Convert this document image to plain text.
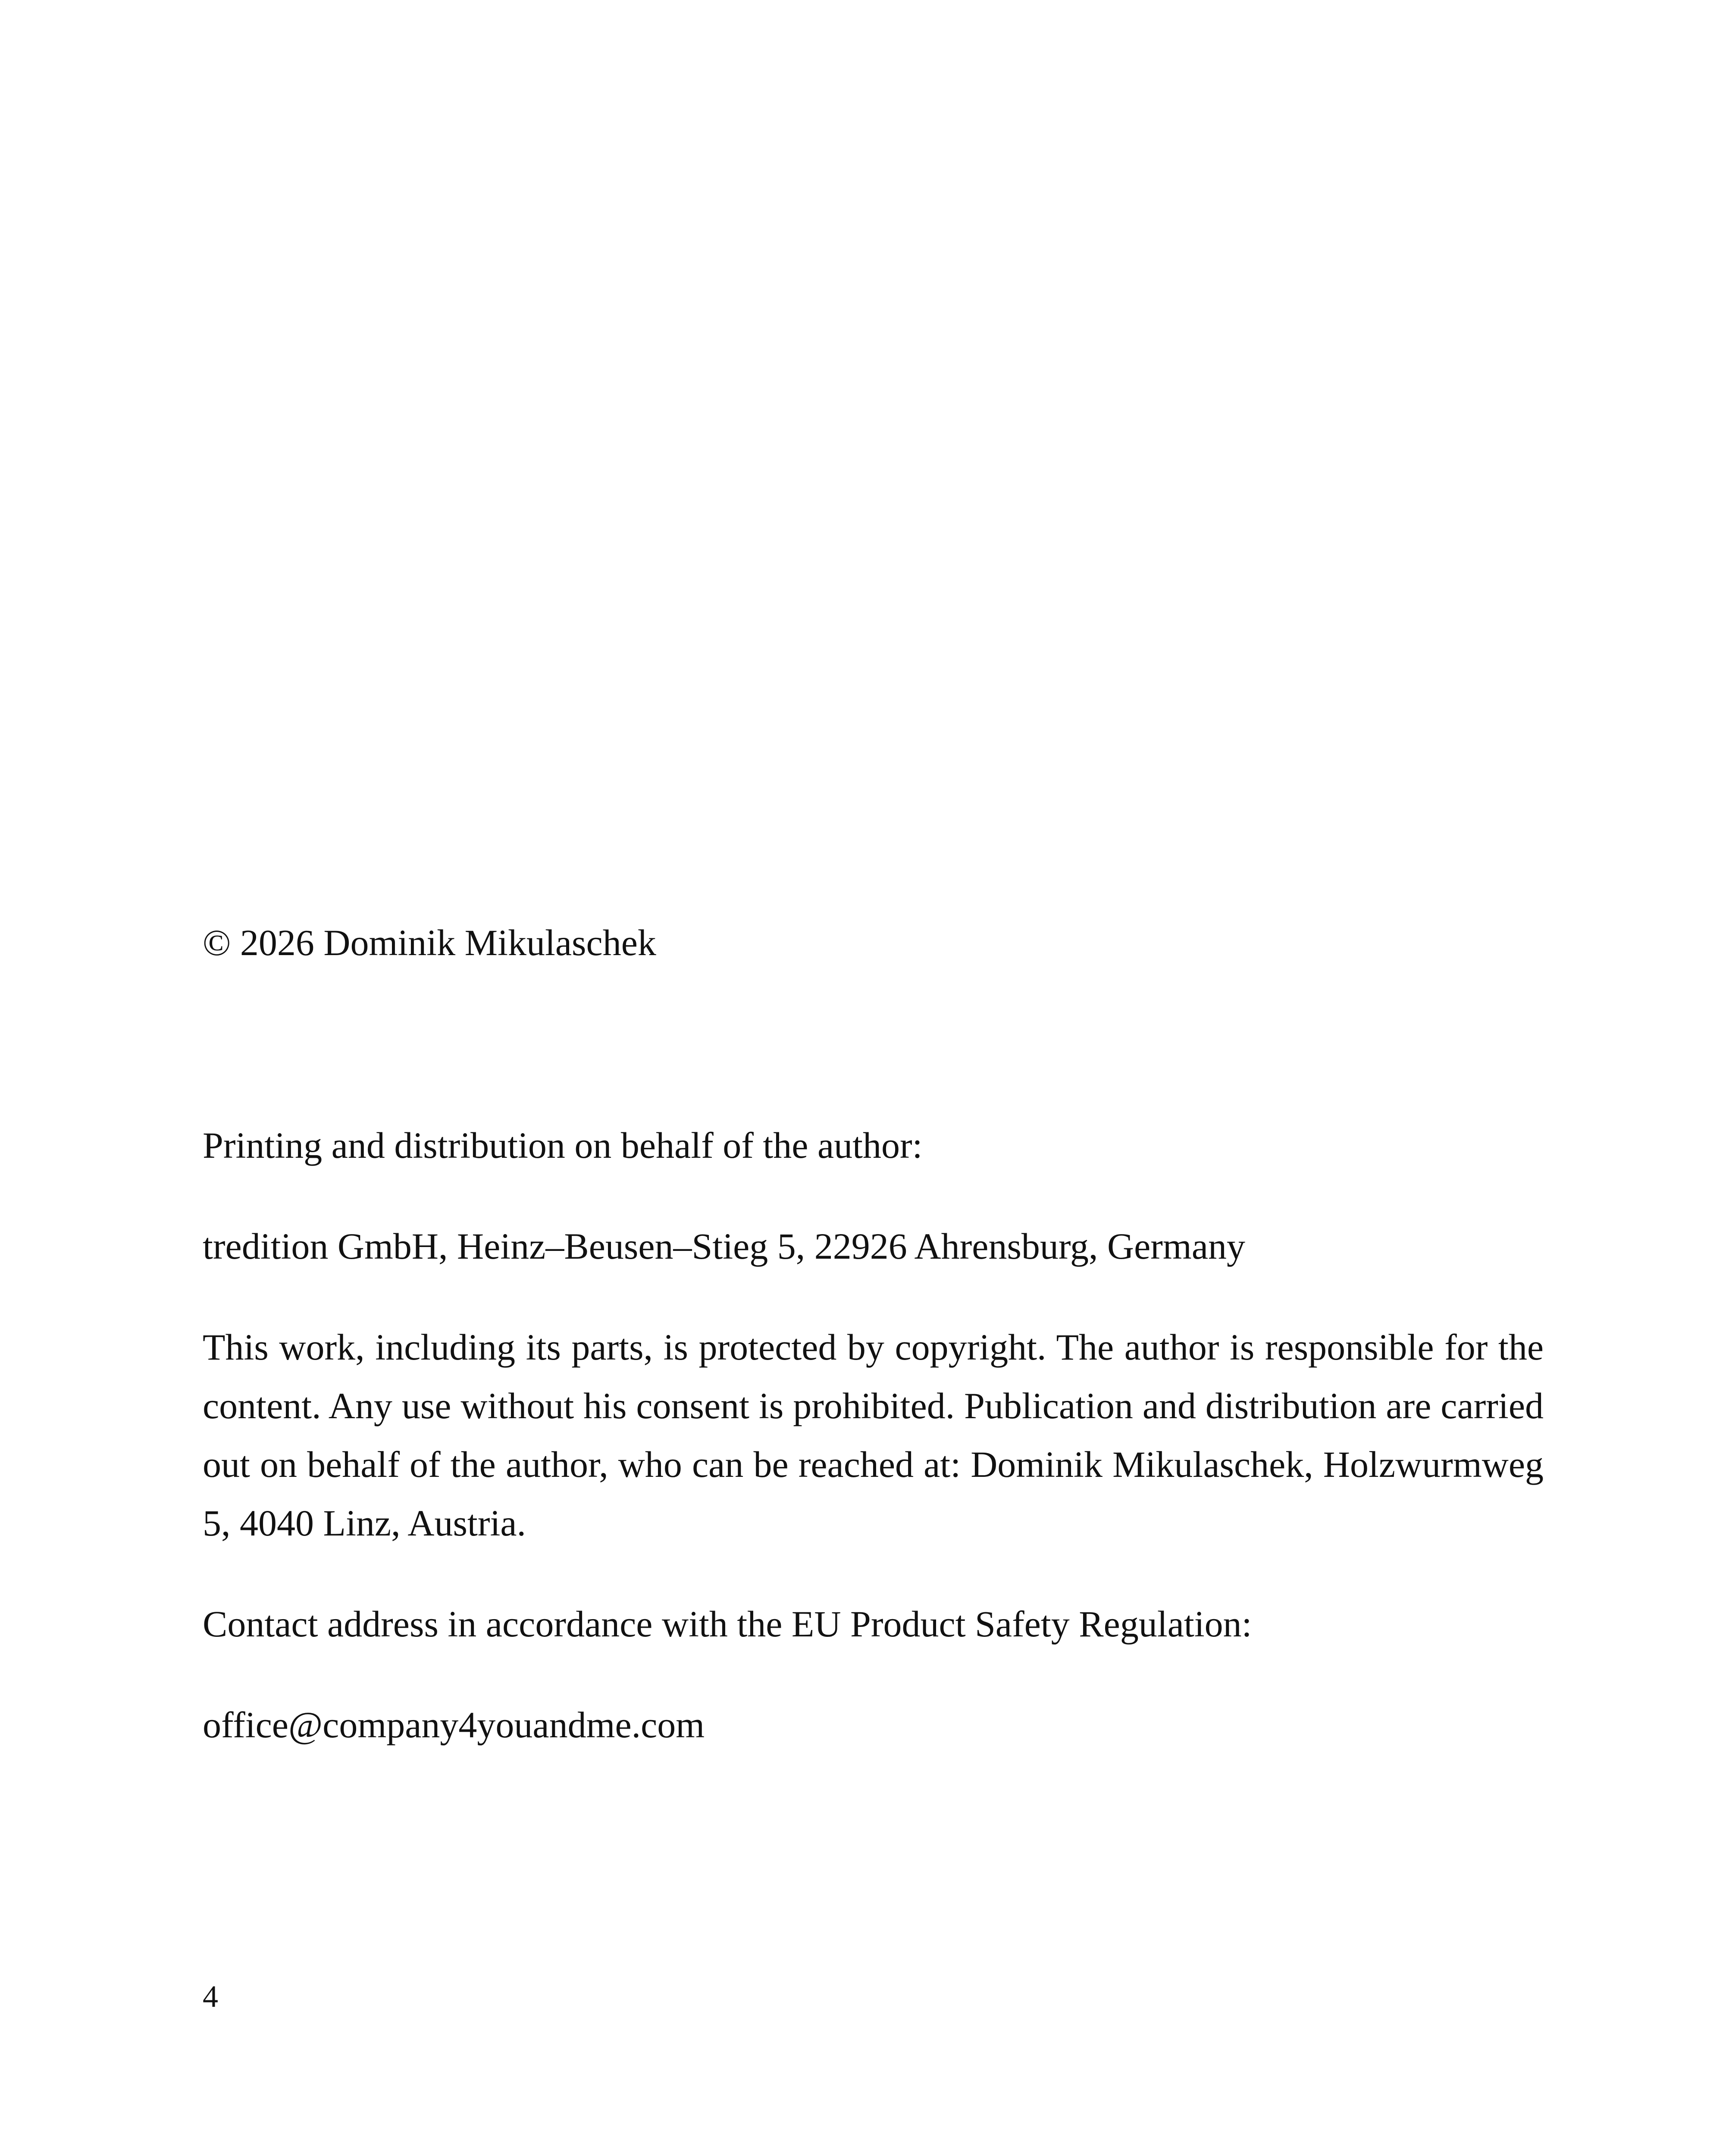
© 2026 Dominik Mikulaschek

Printing and distribution on behalf of the author:

tredition GmbH, Heinz–Beusen–Stieg 5, 22926 Ahrensburg, Germany

This work, including its parts, is protected by copyright. The author is responsible for the content. Any use without his consent is prohibited. Publication and distribution are carried out on behalf of the author, who can be reached at: Dominik Mikulaschek, Holzwurmweg 5, 4040 Linz, Austria.

Contact address in accordance with the EU Product Safety Regulation:

office@company4youandme.com

4
